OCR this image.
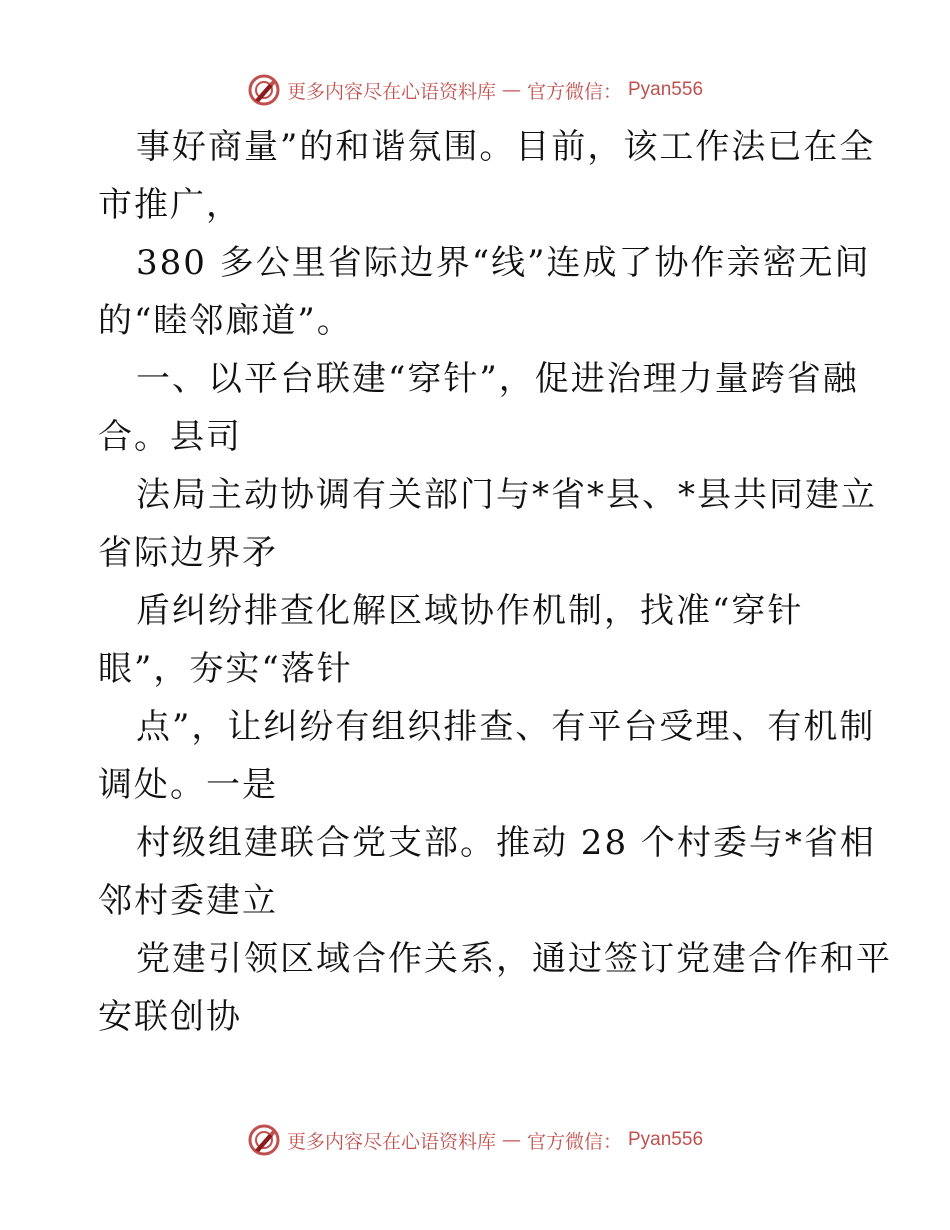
更多内容尽在心语资料库 — 官方微信： Pyan556
事好商量”的和谐氛围。目前，该工作法已在全
市推广，
380 多公里省际边界“线”连成了协作亲密无间
的“睦邻廊道”。
一、以平台联建“穿针”，促进治理力量跨省融
合。县司
法局主动协调有关部门与*省*县、*县共同建立
省际边界矛
盾纠纷排查化解区域协作机制，找准“穿针
眼”，夯实“落针
点”，让纠纷有组织排查、有平台受理、有机制
调处。一是
村级组建联合党支部。推动 28 个村委与*省相
邻村委建立
党建引领区域合作关系，通过签订党建合作和平
安联创协
更多内容尽在心语资料库 — 官方微信： Pyan556
